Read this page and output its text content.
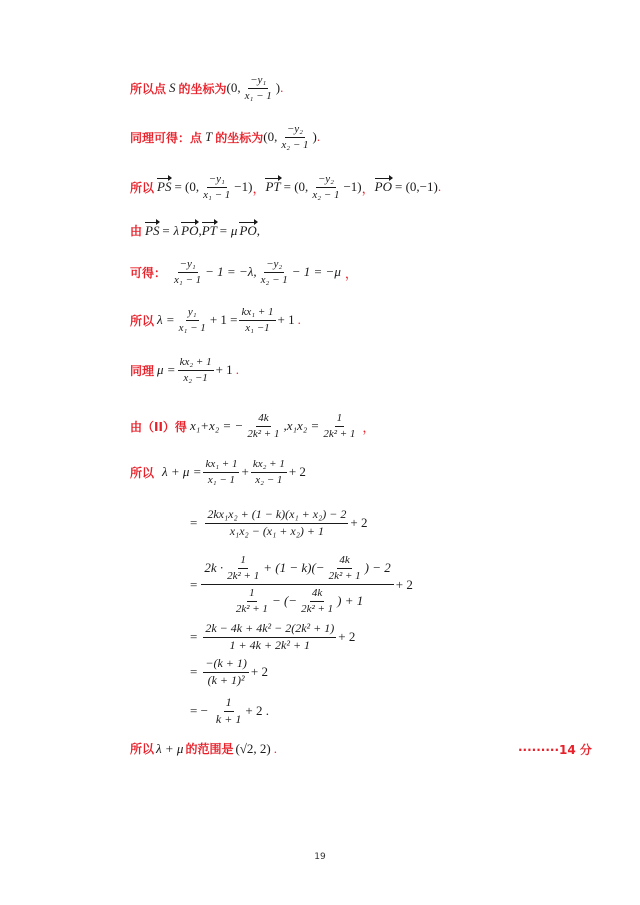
所以点 S 的坐标为 (0, $\frac{\text{−y₁}}{\text{x₁ − 1}}$ ) .
同理可得：点 T 的坐标为 (0, $\frac{\text{−y₂}}{\text{x₂ − 1}}$ ) .
所以 PS = (0, $\frac{\text{−y₁}}{\text{x₁ − 1}} -1$) ， PT = (0, $\frac{\text{−y₂}}{\text{x₂ − 1}} -1$) ， PO = (0,−1) .
由 PS = λ PO , PT = μ PO ,
可得： $\frac{\text{−y₁}}{\text{x₁ − 1}} - 1 = -\lambda$, $\frac{\text{−y₂}}{\text{x₂ − 1}} - 1 = -\mu$ ，
所以 $\lambda = \frac{\text{y₁}}{\text{x₁ − 1}} + 1 = \frac{\text{kx₁ + 1}}{\text{x₁ −1}} + 1$ .
同理 $\mu = \frac{\text{kx₂ + 1}}{\text{x₂ −1}} + 1$ .
由（II）得 x₁+x₂ = − $\frac{4k}{\text{2k² + 1}} ,x_1x_2 = \frac{1}{\text{2k² + 1}}$ ，
所以 $\lambda + \mu = \frac{\text{kx₁ + 1}}{\text{x₁ − 1}} + \frac{\text{kx₂ + 1}}{\text{x₂ − 1}} + 2$
= $\frac{\text{2kx₁x₂ + (1 − k)(x₁ + x₂) − 2}}{\text{x₁x₂ − (x₁ + x₂) + 1}} + 2$
=
$2k \cdot \frac{1}{\text{2k² + 1}} + (1 - k)(- \frac{4k}{\text{2k² + 1}}$ ) − 2
$\frac{1}{\text{2k² + 1}}$ − (− $\frac{4k}{\text{2k² + 1}}$ ) + 1
+ 2
= $\frac{\text{2k − 4k + 4k² − 2(2k² + 1)}}{\text{1 + 4k + 2k² + 1}} + 2$
= $\frac{-(k + 1)}{\text{(k + 1)²}} + 2$
= − $\frac{1}{k + 1} + 2$ .
所以 λ + μ 的范围是 (√2, 2) .	·········14 分
19
